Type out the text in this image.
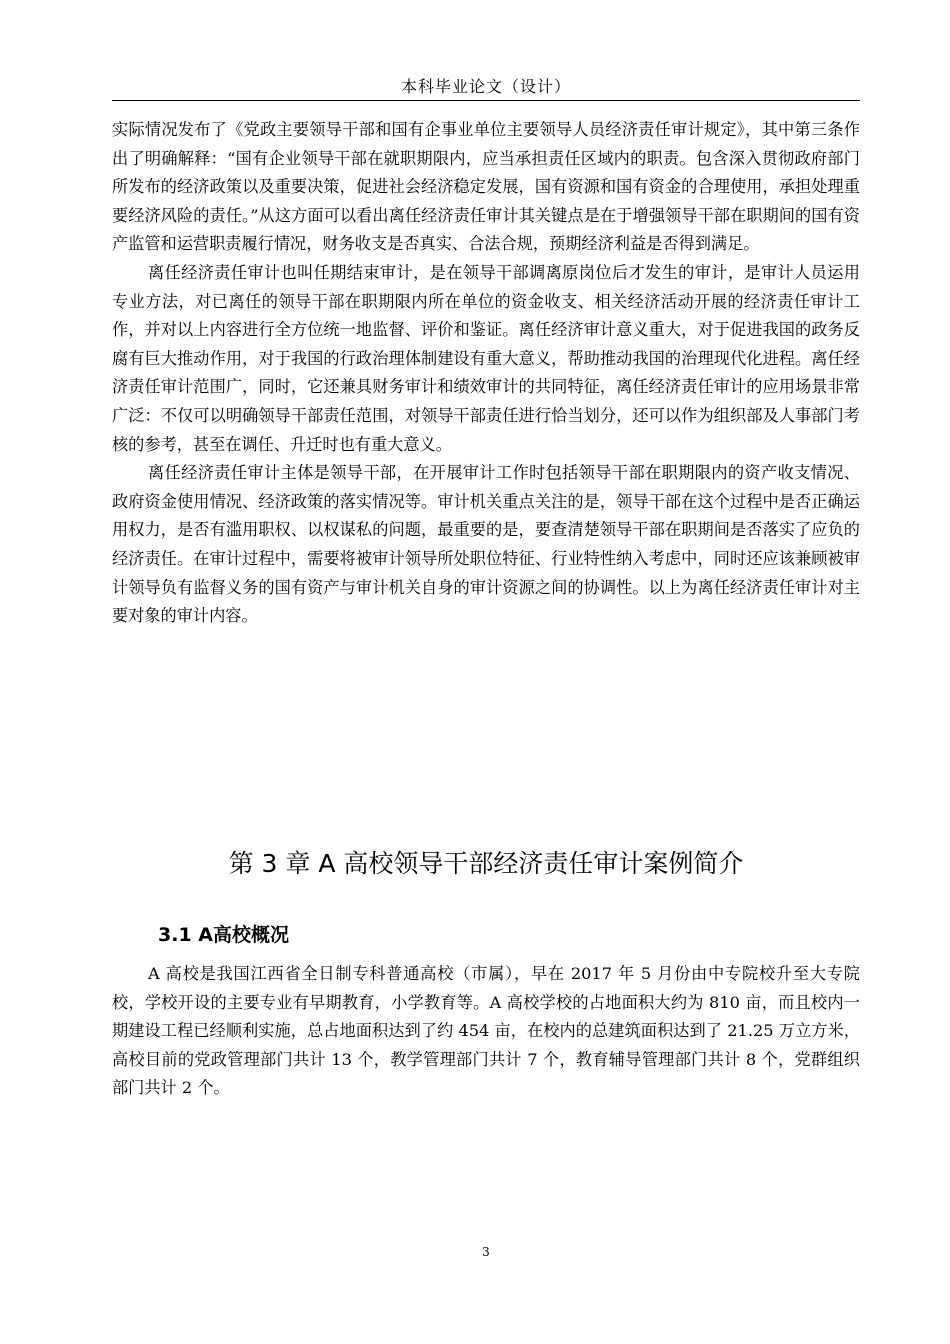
本科毕业论文（设计）

实际情况发布了《党政主要领导干部和国有企事业单位主要领导人员经济责任审计规定》，其中第三条作出了明确解释：“国有企业领导干部在就职期限内，应当承担责任区域内的职责。包含深入贯彻政府部门所发布的经济政策以及重要决策，促进社会经济稳定发展，国有资源和国有资金的合理使用，承担处理重要经济风险的责任。”从这方面可以看出离任经济责任审计其关键点是在于增强领导干部在职期间的国有资产监管和运营职责履行情况，财务收支是否真实、合法合规，预期经济利益是否得到满足。

离任经济责任审计也叫任期结束审计，是在领导干部调离原岗位后才发生的审计，是审计人员运用专业方法，对已离任的领导干部在职期限内所在单位的资金收支、相关经济活动开展的经济责任审计工作，并对以上内容进行全方位统一地监督、评价和鉴证。离任经济审计意义重大，对于促进我国的政务反腐有巨大推动作用，对于我国的行政治理体制建设有重大意义，帮助推动我国的治理现代化进程。离任经济责任审计范围广，同时，它还兼具财务审计和绩效审计的共同特征，离任经济责任审计的应用场景非常广泛：不仅可以明确领导干部责任范围，对领导干部责任进行恰当划分，还可以作为组织部及人事部门考核的参考，甚至在调任、升迁时也有重大意义。

离任经济责任审计主体是领导干部，在开展审计工作时包括领导干部在职期限内的资产收支情况、政府资金使用情况、经济政策的落实情况等。审计机关重点关注的是，领导干部在这个过程中是否正确运用权力，是否有滥用职权、以权谋私的问题，最重要的是，要查清楚领导干部在职期间是否落实了应负的经济责任。在审计过程中，需要将被审计领导所处职位特征、行业特性纳入考虑中，同时还应该兼顾被审计领导负有监督义务的国有资产与审计机关自身的审计资源之间的协调性。以上为离任经济责任审计对主要对象的审计内容。

第 3 章 A 高校领导干部经济责任审计案例简介
3.1 A高校概况

A 高校是我国江西省全日制专科普通高校（市属），早在 2017 年 5 月份由中专院校升至大专院校，学校开设的主要专业有早期教育，小学教育等。A 高校学校的占地面积大约为 810 亩，而且校内一期建设工程已经顺利实施，总占地面积达到了约 454 亩，在校内的总建筑面积达到了 21.25 万立方米，高校目前的党政管理部门共计 13 个，教学管理部门共计 7 个，教育辅导管理部门共计 8 个，党群组织部门共计 2 个。

3
